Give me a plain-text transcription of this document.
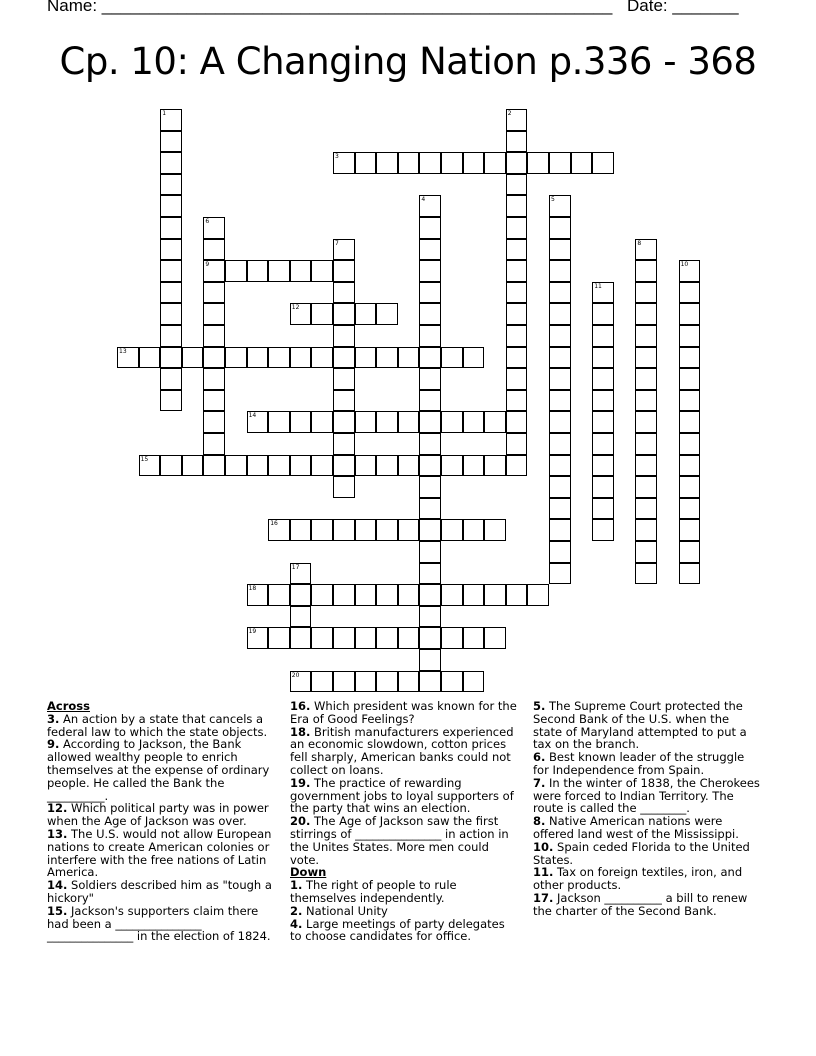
Name: ______________________________________________________ Date: _______
Cp. 10: A Changing Nation p.336 - 368
1	2
3
4	5
6
9
7	8
10
11
12
13
14
15
16
17
18
19
20
Across
3. An action by a state that cancels a federal law to which the state objects.
9. According to Jackson, the Bank allowed wealthy people to enrich themselves at the expense of ordinary people. He called the Bank the __________.
12. Which political party was in power when the Age of Jackson was over.
13. The U.S. would not allow European nations to create American colonies or interfere with the free nations of Latin America.
14. Soldiers described him as "tough a hickory"
15. Jackson's supporters claim there had been a _______________ _______________ in the election of 1824.
16. Which president was known for the Era of Good Feelings?
18. British manufacturers experienced an economic slowdown, cotton prices fell sharply, American banks could not collect on loans.
19. The practice of rewarding government jobs to loyal supporters of the party that wins an election.
20. The Age of Jackson saw the first stirrings of _______________ in action in the Unites States. More men could vote.
Down
1. The right of people to rule themselves independently.
2. National Unity
4. Large meetings of party delegates to choose candidates for office.
5. The Supreme Court protected the Second Bank of the U.S. when the state of Maryland attempted to put a tax on the branch.
6. Best known leader of the struggle for Independence from Spain.
7. In the winter of 1838, the Cherokees were forced to Indian Territory. The route is called the ________.
8. Native American nations were offered land west of the Mississippi.
10. Spain ceded Florida to the United States.
11. Tax on foreign textiles, iron, and other products.
17. Jackson __________ a bill to renew the charter of the Second Bank.
